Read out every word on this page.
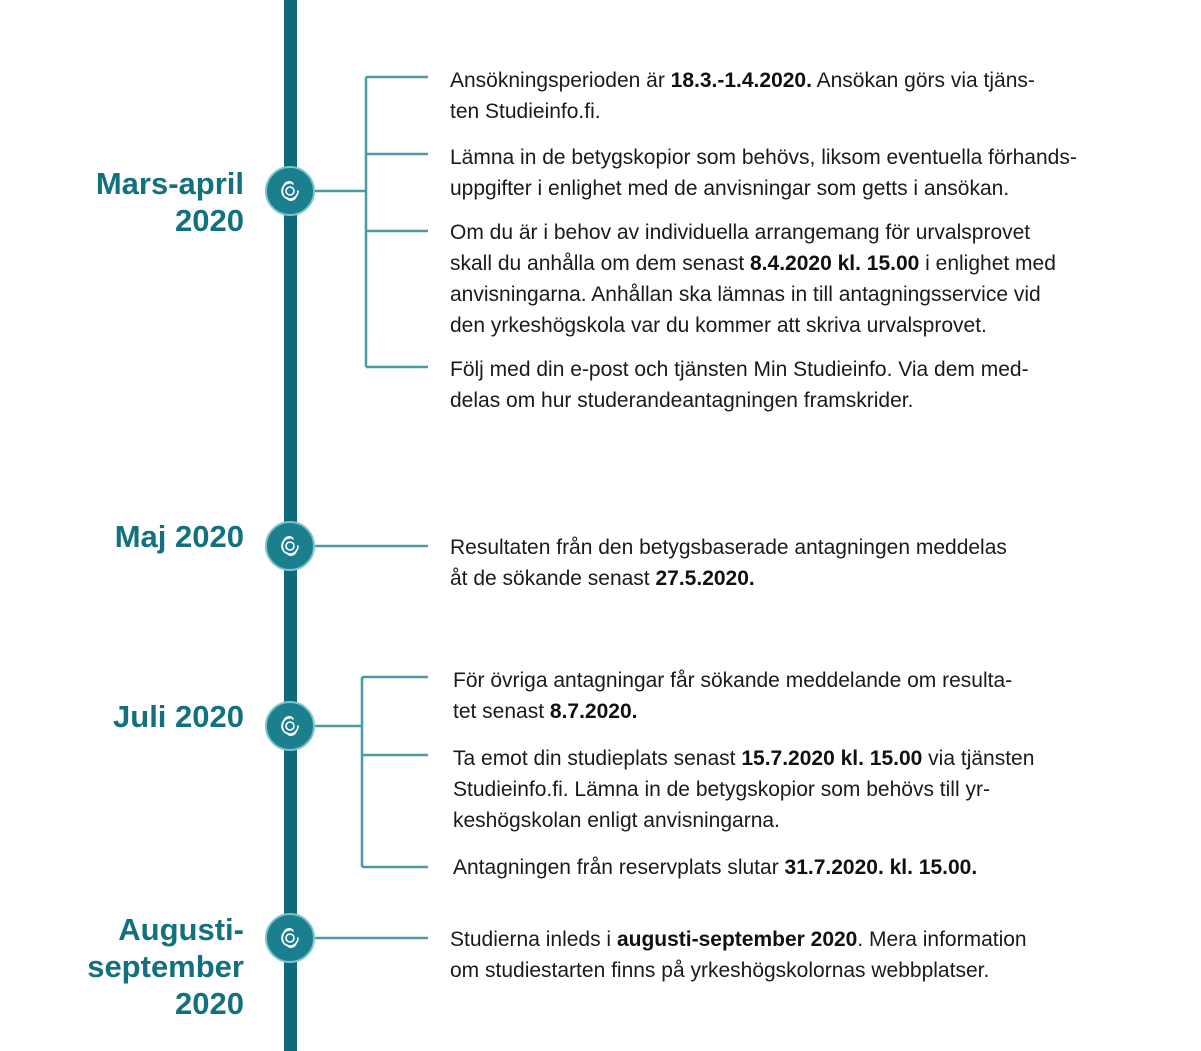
Mars-april
2020
Maj 2020
Juli 2020
Augusti-
september
2020
Ansökningsperioden är 18.3.-1.4.2020. Ansökan görs via tjäns-
ten Studieinfo.fi.
Lämna in de betygskopior som behövs, liksom eventuella förhands-
uppgifter i enlighet med de anvisningar som getts i ansökan.
Om du är i behov av individuella arrangemang för urvalsprovet
skall du anhålla om dem senast 8.4.2020 kl. 15.00 i enlighet med
anvisningarna. Anhållan ska lämnas in till antagningsservice vid
den yrkeshögskola var du kommer att skriva urvalsprovet.
Följ med din e-post och tjänsten Min Studieinfo. Via dem med-
delas om hur studerandeantagningen framskrider.
Resultaten från den betygsbaserade antagningen meddelas
åt de sökande senast 27.5.2020.
För övriga antagningar får sökande meddelande om resulta-
tet senast 8.7.2020.
Ta emot din studieplats senast 15.7.2020 kl. 15.00 via tjänsten
Studieinfo.fi. Lämna in de betygskopior som behövs till yr-
keshögskolan enligt anvisningarna.
Antagningen från reservplats slutar 31.7.2020. kl. 15.00.
Studierna inleds i augusti-september 2020. Mera information
om studiestarten finns på yrkeshögskolornas webbplatser.
